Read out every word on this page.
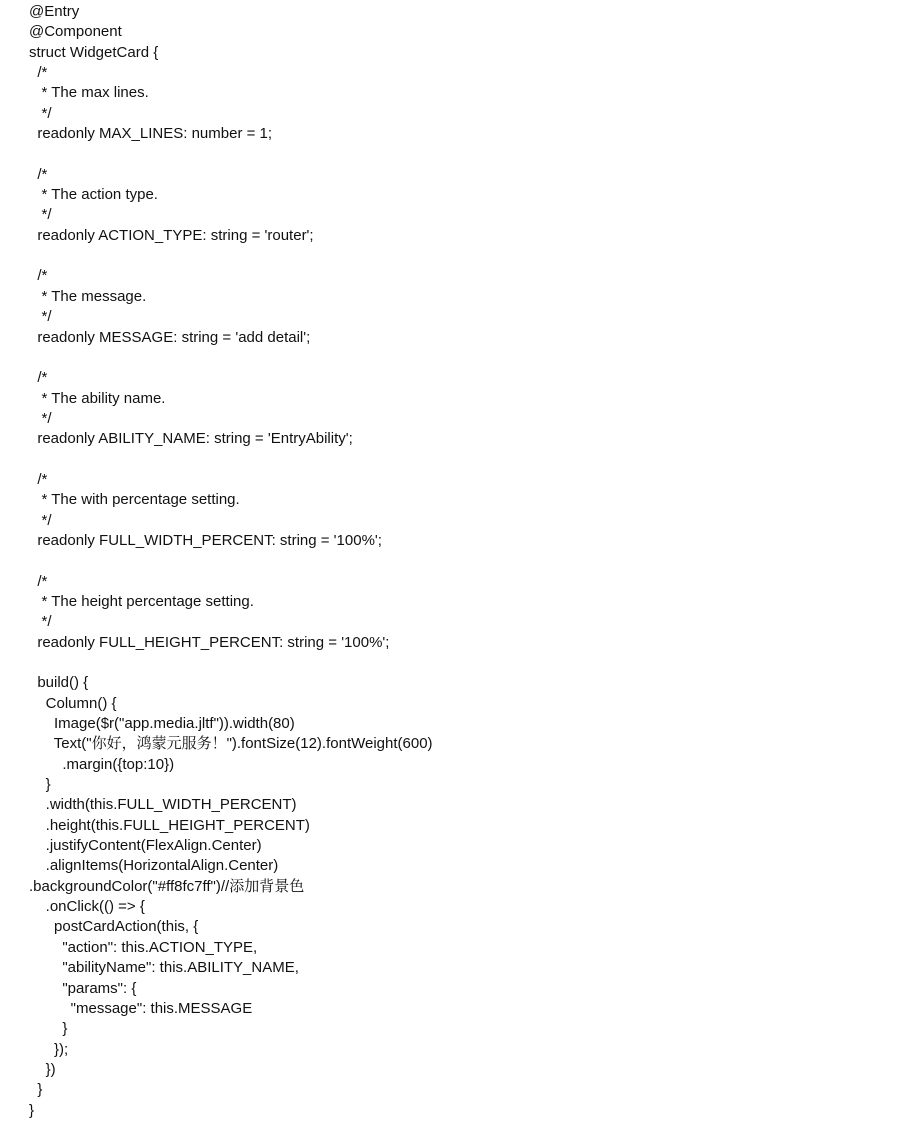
@Entry
@Component
struct WidgetCard {
/*
* The max lines.
*/
readonly MAX_LINES: number = 1;

/*
* The action type.
*/
readonly ACTION_TYPE: string = 'router';

/*
* The message.
*/
readonly MESSAGE: string = 'add detail';

/*
* The ability name.
*/
readonly ABILITY_NAME: string = 'EntryAbility';

/*
* The with percentage setting.
*/
readonly FULL_WIDTH_PERCENT: string = '100%';

/*
* The height percentage setting.
*/
readonly FULL_HEIGHT_PERCENT: string = '100%';

build() {
Column() {
Image($r("app.media.jltf")).width(80)
Text("你好，鸿蒙元服务！").fontSize(12).fontWeight(600)
.margin({top:10})
}
.width(this.FULL_WIDTH_PERCENT)
.height(this.FULL_HEIGHT_PERCENT)
.justifyContent(FlexAlign.Center)
.alignItems(HorizontalAlign.Center)
.backgroundColor("#ff8fc7ff")//添加背景色
.onClick(() => {
postCardAction(this, {
"action": this.ACTION_TYPE,
"abilityName": this.ABILITY_NAME,
"params": {
"message": this.MESSAGE
}
});
})
}
}
